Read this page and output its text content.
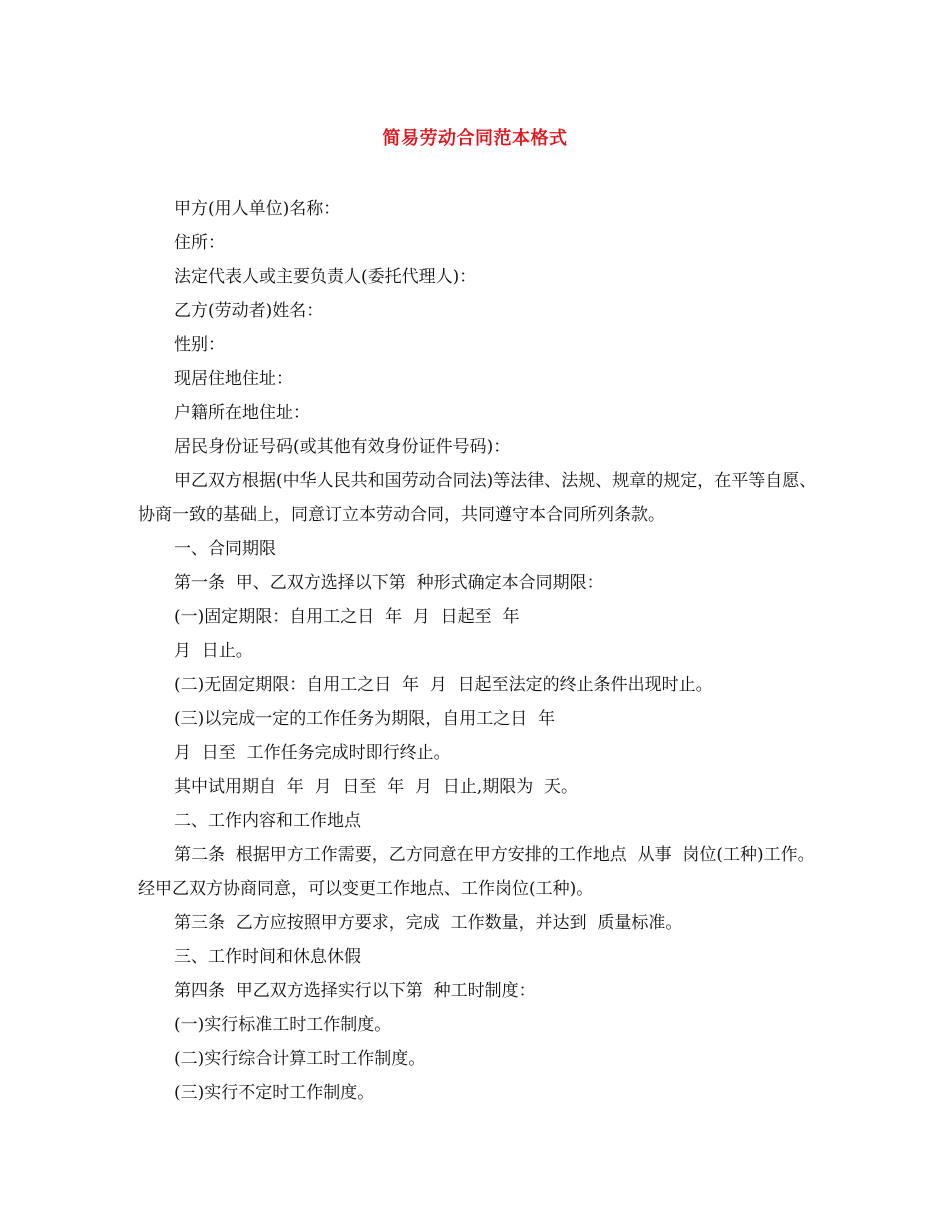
简易劳动合同范本格式

甲方(用人单位)名称：

住所：

法定代表人或主要负责人(委托代理人)：

乙方(劳动者)姓名：

性别：

现居住地住址：

户籍所在地住址：

居民身份证号码(或其他有效身份证件号码)：

甲乙双方根据(中华人民共和国劳动合同法)等法律、法规、规章的规定，在平等自愿、协商一致的基础上，同意订立本劳动合同，共同遵守本合同所列条款。

一、合同期限

第一条  甲、乙双方选择以下第  种形式确定本合同期限：

(一)固定期限：自用工之日  年  月  日起至  年

月  日止。

(二)无固定期限：自用工之日  年  月  日起至法定的终止条件出现时止。

(三)以完成一定的工作任务为期限，自用工之日  年

月  日至  工作任务完成时即行终止。

其中试用期自  年  月  日至  年  月  日止,期限为  天。

二、工作内容和工作地点

第二条  根据甲方工作需要，乙方同意在甲方安排的工作地点  从事  岗位(工种)工作。经甲乙双方协商同意，可以变更工作地点、工作岗位(工种)。

第三条  乙方应按照甲方要求，完成  工作数量，并达到  质量标准。

三、工作时间和休息休假

第四条  甲乙双方选择实行以下第  种工时制度：

(一)实行标准工时工作制度。

(二)实行综合计算工时工作制度。

(三)实行不定时工作制度。
